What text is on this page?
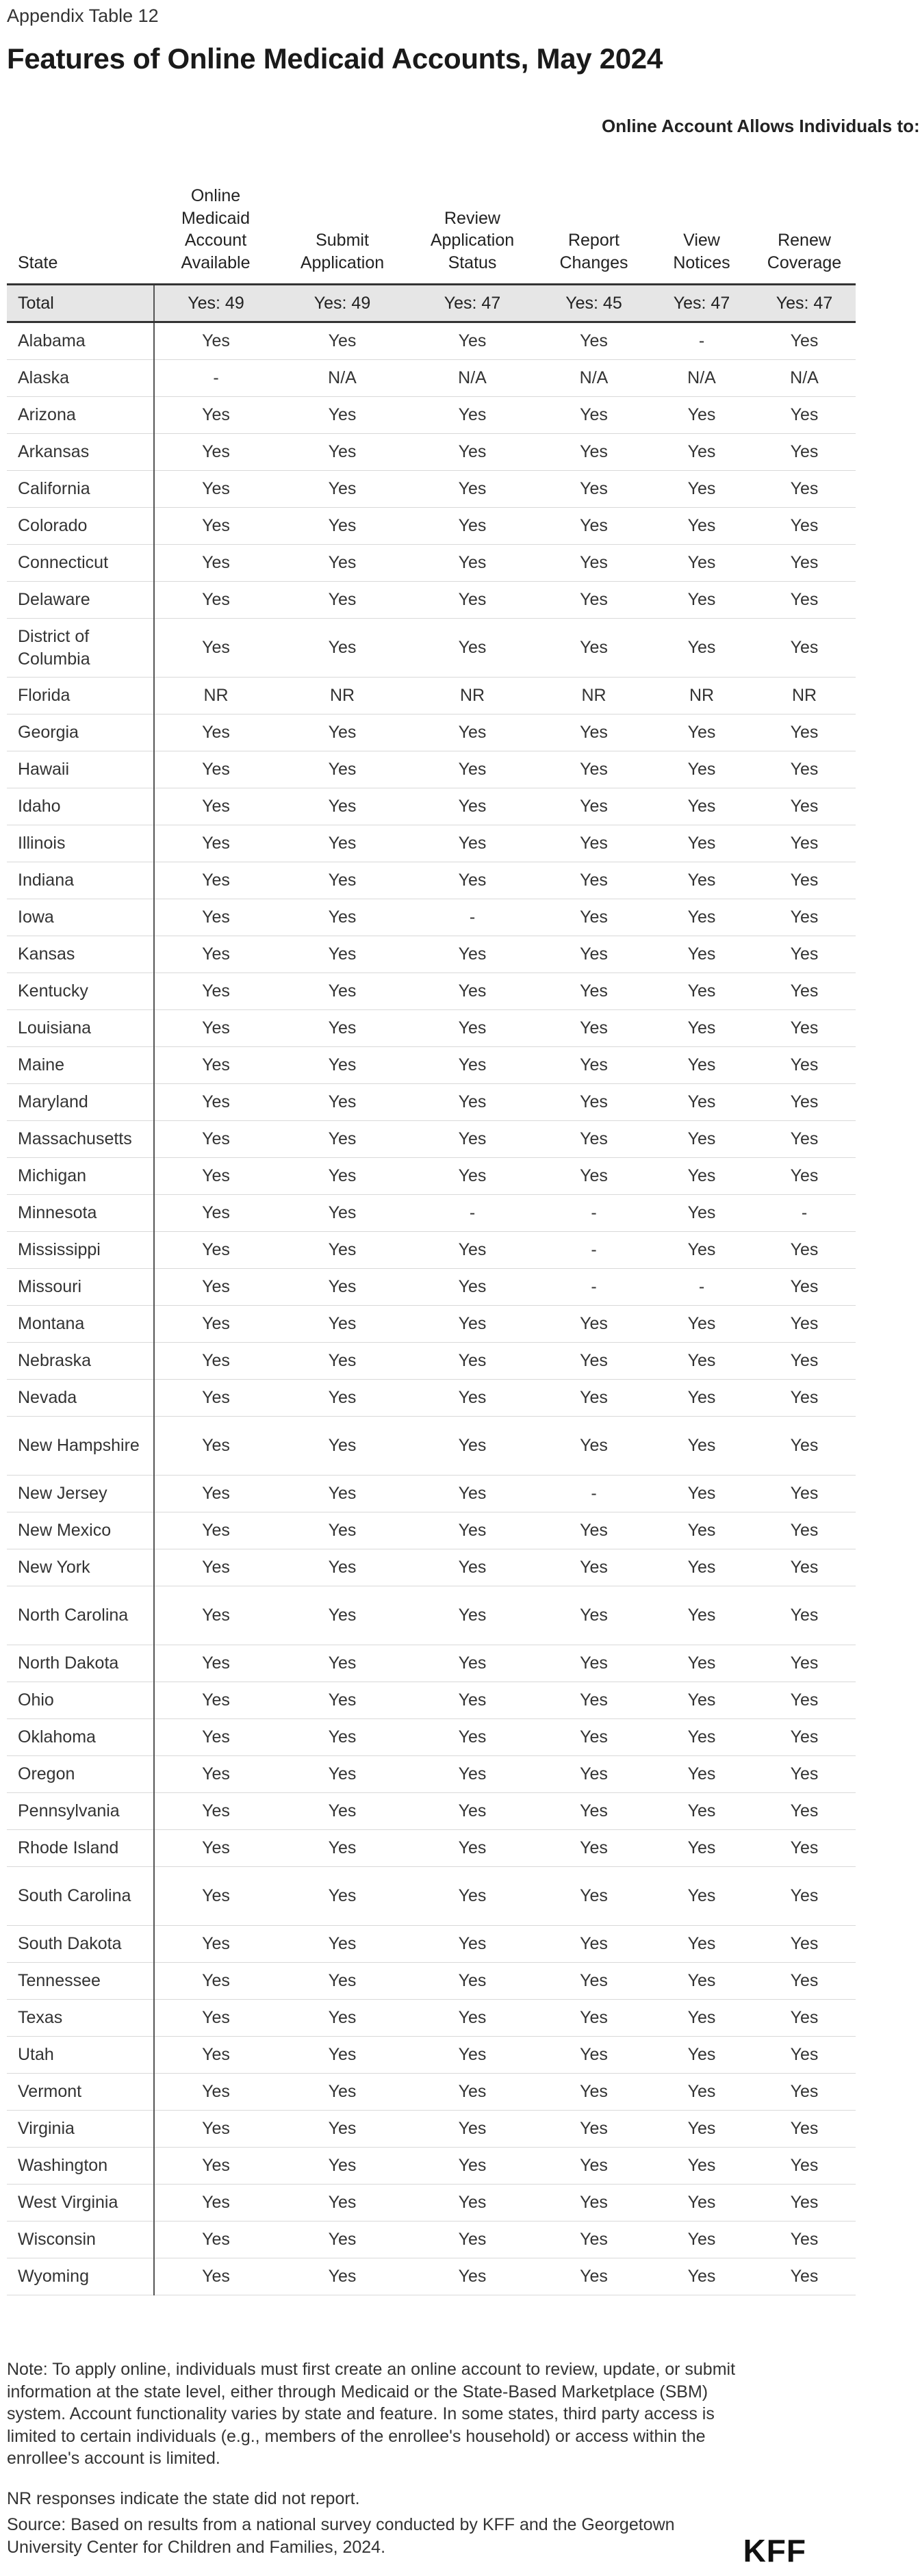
Appendix Table 12
Features of Online Medicaid Accounts, May 2024
Online Account Allows Individuals to:
State	Online Medicaid Account Available	Submit Application	Review Application Status	Report Changes	View Notices	Renew Coverage
Total	Yes: 49	Yes: 49	Yes: 47	Yes: 45	Yes: 47	Yes: 47
Alabama	Yes	Yes	Yes	Yes	-	Yes
Alaska	-	N/A	N/A	N/A	N/A	N/A
Arizona	Yes	Yes	Yes	Yes	Yes	Yes
Arkansas	Yes	Yes	Yes	Yes	Yes	Yes
California	Yes	Yes	Yes	Yes	Yes	Yes
Colorado	Yes	Yes	Yes	Yes	Yes	Yes
Connecticut	Yes	Yes	Yes	Yes	Yes	Yes
Delaware	Yes	Yes	Yes	Yes	Yes	Yes
District of Columbia	Yes	Yes	Yes	Yes	Yes	Yes
Florida	NR	NR	NR	NR	NR	NR
Georgia	Yes	Yes	Yes	Yes	Yes	Yes
Hawaii	Yes	Yes	Yes	Yes	Yes	Yes
Idaho	Yes	Yes	Yes	Yes	Yes	Yes
Illinois	Yes	Yes	Yes	Yes	Yes	Yes
Indiana	Yes	Yes	Yes	Yes	Yes	Yes
Iowa	Yes	Yes	-	Yes	Yes	Yes
Kansas	Yes	Yes	Yes	Yes	Yes	Yes
Kentucky	Yes	Yes	Yes	Yes	Yes	Yes
Louisiana	Yes	Yes	Yes	Yes	Yes	Yes
Maine	Yes	Yes	Yes	Yes	Yes	Yes
Maryland	Yes	Yes	Yes	Yes	Yes	Yes
Massachusetts	Yes	Yes	Yes	Yes	Yes	Yes
Michigan	Yes	Yes	Yes	Yes	Yes	Yes
Minnesota	Yes	Yes	-	-	Yes	-
Mississippi	Yes	Yes	Yes	-	Yes	Yes
Missouri	Yes	Yes	Yes	-	-	Yes
Montana	Yes	Yes	Yes	Yes	Yes	Yes
Nebraska	Yes	Yes	Yes	Yes	Yes	Yes
Nevada	Yes	Yes	Yes	Yes	Yes	Yes
New Hampshire	Yes	Yes	Yes	Yes	Yes	Yes
New Jersey	Yes	Yes	Yes	-	Yes	Yes
New Mexico	Yes	Yes	Yes	Yes	Yes	Yes
New York	Yes	Yes	Yes	Yes	Yes	Yes
North Carolina	Yes	Yes	Yes	Yes	Yes	Yes
North Dakota	Yes	Yes	Yes	Yes	Yes	Yes
Ohio	Yes	Yes	Yes	Yes	Yes	Yes
Oklahoma	Yes	Yes	Yes	Yes	Yes	Yes
Oregon	Yes	Yes	Yes	Yes	Yes	Yes
Pennsylvania	Yes	Yes	Yes	Yes	Yes	Yes
Rhode Island	Yes	Yes	Yes	Yes	Yes	Yes
South Carolina	Yes	Yes	Yes	Yes	Yes	Yes
South Dakota	Yes	Yes	Yes	Yes	Yes	Yes
Tennessee	Yes	Yes	Yes	Yes	Yes	Yes
Texas	Yes	Yes	Yes	Yes	Yes	Yes
Utah	Yes	Yes	Yes	Yes	Yes	Yes
Vermont	Yes	Yes	Yes	Yes	Yes	Yes
Virginia	Yes	Yes	Yes	Yes	Yes	Yes
Washington	Yes	Yes	Yes	Yes	Yes	Yes
West Virginia	Yes	Yes	Yes	Yes	Yes	Yes
Wisconsin	Yes	Yes	Yes	Yes	Yes	Yes
Wyoming	Yes	Yes	Yes	Yes	Yes	Yes

Note: To apply online, individuals must first create an online account to review, update, or submit information at the state level, either through Medicaid or the State-Based Marketplace (SBM) system. Account functionality varies by state and feature. In some states, third party access is limited to certain individuals (e.g., members of the enrollee's household) or access within the enrollee's account is limited.

NR responses indicate the state did not report.

Source: Based on results from a national survey conducted by KFF and the Georgetown University Center for Children and Families, 2024.	KFF
